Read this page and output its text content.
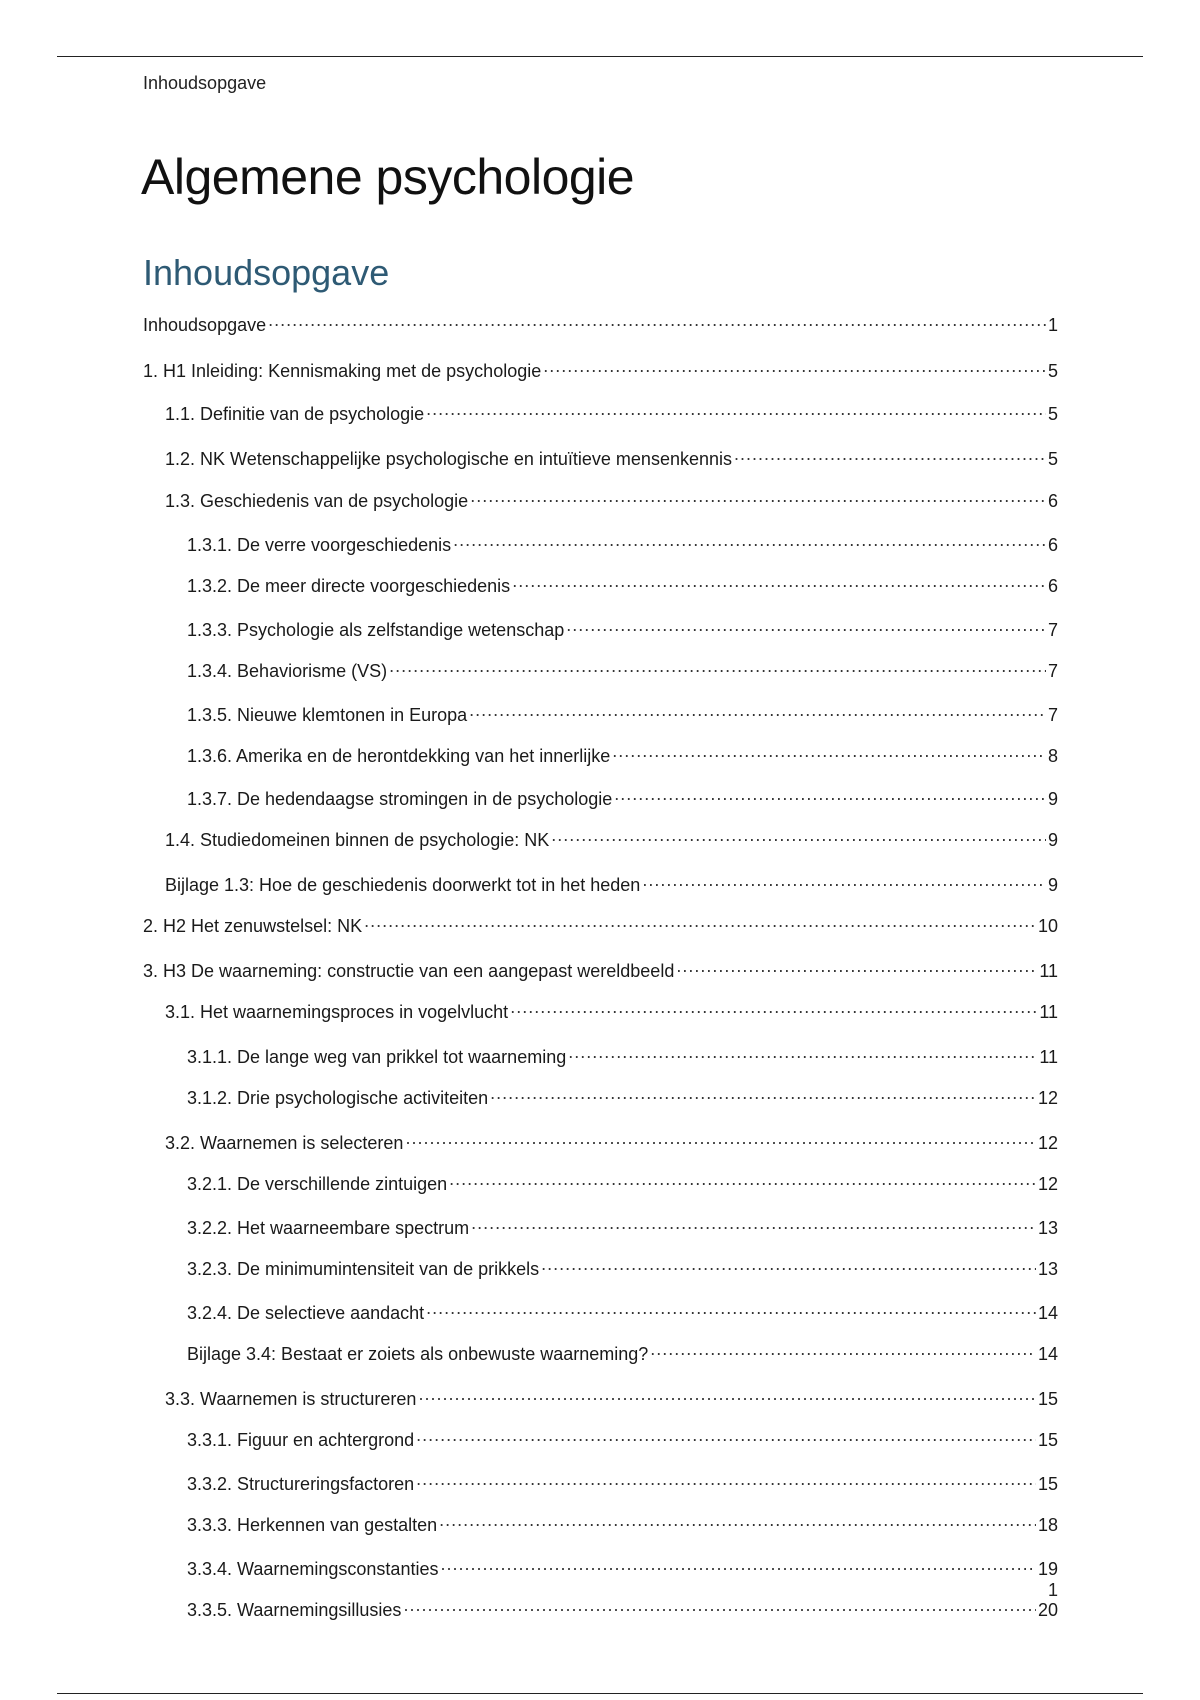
Inhoudsopgave
Algemene psychologie
Inhoudsopgave
Inhoudsopgave .....	1
1. H1 Inleiding: Kennismaking met de psychologie .....	5
1.1. Definitie van de psychologie .....	5
1.2. NK Wetenschappelijke psychologische en intuïtieve mensenkennis .....	5
1.3. Geschiedenis van de psychologie .....	6
1.3.1. De verre voorgeschiedenis .....	6
1.3.2. De meer directe voorgeschiedenis .....	6
1.3.3. Psychologie als zelfstandige wetenschap .....	7
1.3.4. Behaviorisme (VS) .....	7
1.3.5. Nieuwe klemtonen in Europa .....	7
1.3.6. Amerika en de herontdekking van het innerlijke .....	8
1.3.7. De hedendaagse stromingen in de psychologie .....	9
1.4. Studiedomeinen binnen de psychologie: NK .....	9
Bijlage 1.3: Hoe de geschiedenis doorwerkt tot in het heden .....	9
2. H2 Het zenuwstelsel: NK .....	10
3. H3 De waarneming: constructie van een aangepast wereldbeeld .....	11
3.1. Het waarnemingsproces in vogelvlucht .....	11
3.1.1. De lange weg van prikkel tot waarneming .....	11
3.1.2. Drie psychologische activiteiten .....	12
3.2. Waarnemen is selecteren .....	12
3.2.1. De verschillende zintuigen .....	12
3.2.2. Het waarneembare spectrum .....	13
3.2.3. De minimumintensiteit van de prikkels .....	13
3.2.4. De selectieve aandacht .....	14
Bijlage 3.4: Bestaat er zoiets als onbewuste waarneming? .....	14
3.3. Waarnemen is structureren .....	15
3.3.1. Figuur en achtergrond .....	15
3.3.2. Structureringsfactoren .....	15
3.3.3. Herkennen van gestalten .....	18
3.3.4. Waarnemingsconstanties .....	19
3.3.5. Waarnemingsillusies .....	20
1
